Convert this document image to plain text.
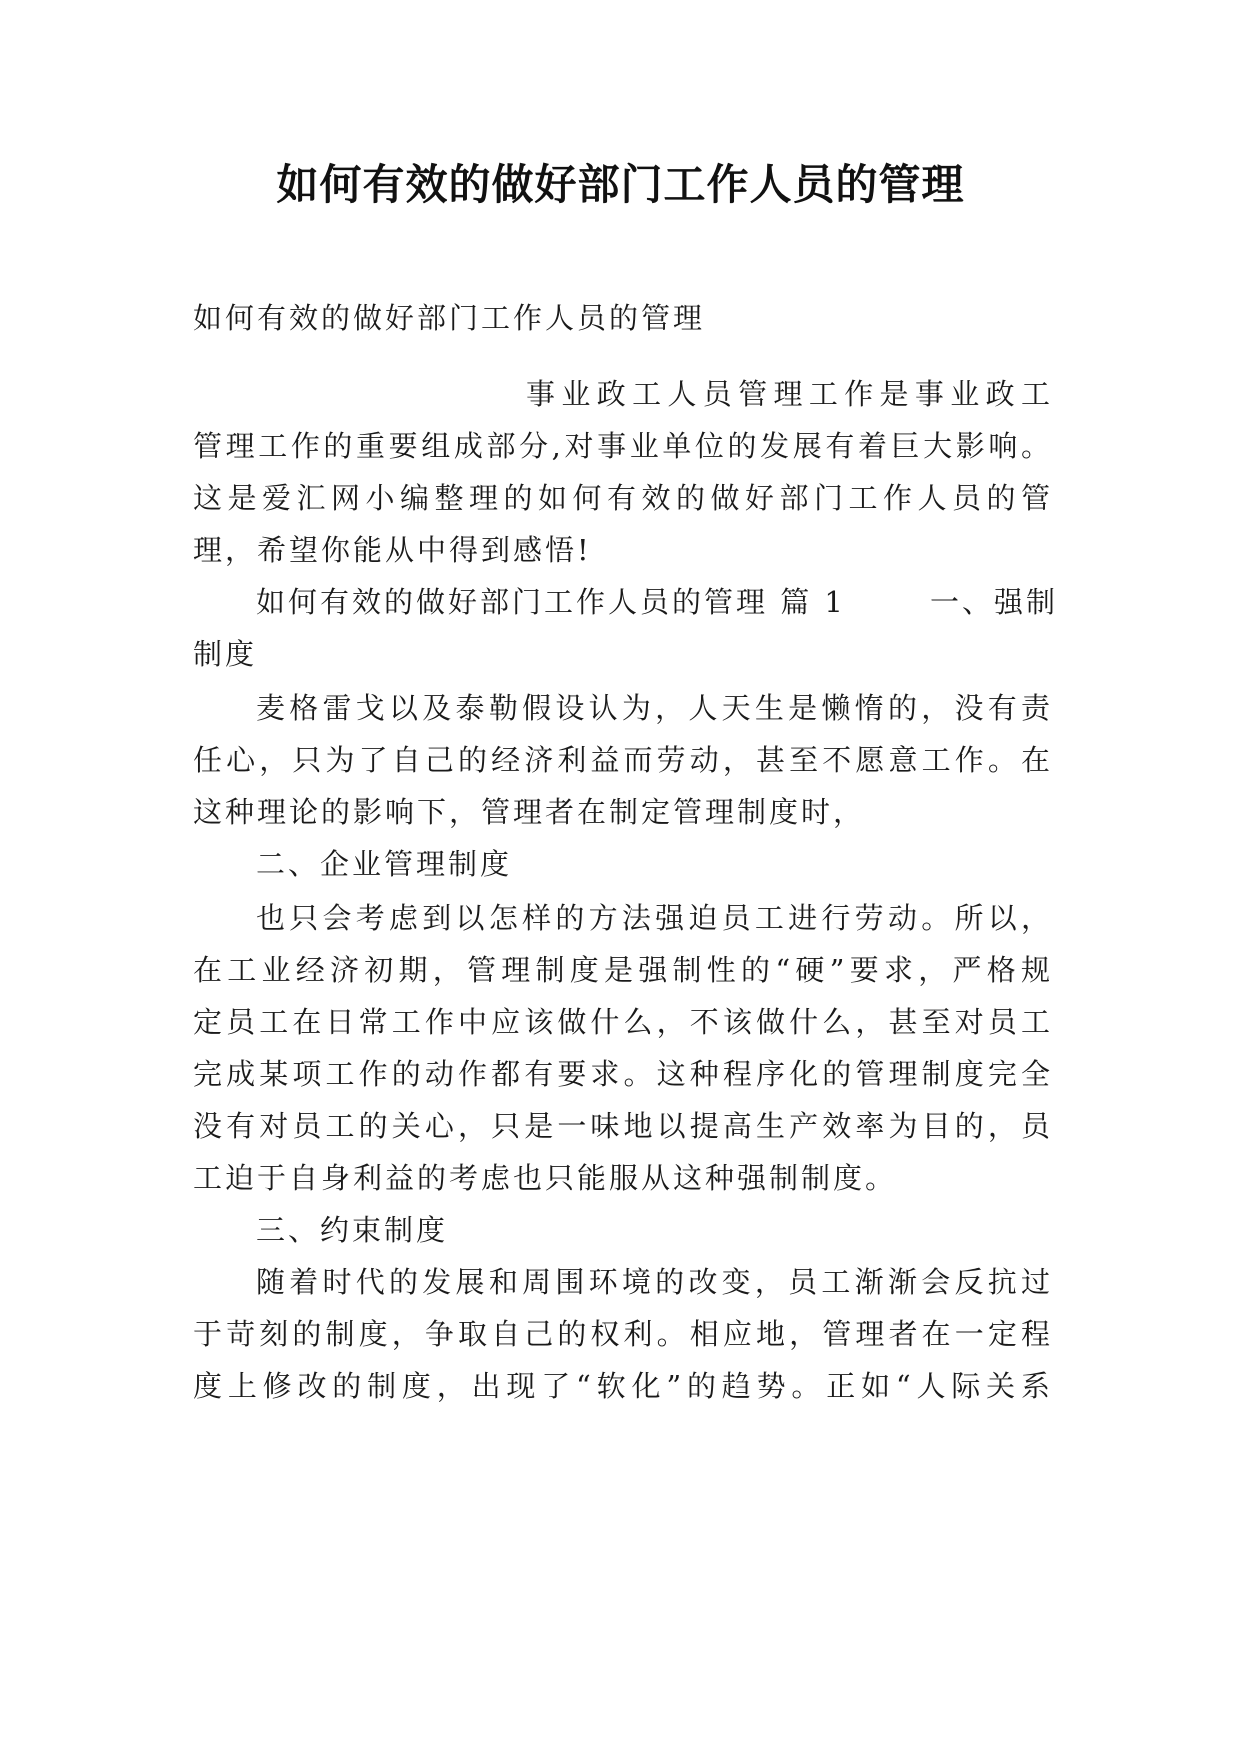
如何有效的做好部门工作人员的管理
如何有效的做好部门工作人员的管理
事业政工人员管理工作是事业政工
管理工作的重要组成部分,对事业单位的发展有着巨大影响。
这是爱汇网小编整理的如何有效的做好部门工作人员的管
理，希望你能从中得到感悟!
如何有效的做好部门工作人员的管理 篇 1	一、强制
制度
麦格雷戈以及泰勒假设认为，人天生是懒惰的，没有责
任心，只为了自己的经济利益而劳动，甚至不愿意工作。在
这种理论的影响下，管理者在制定管理制度时，
二、企业管理制度
也只会考虑到以怎样的方法强迫员工进行劳动。所以，
在工业经济初期，管理制度是强制性的“硬”要求，严格规
定员工在日常工作中应该做什么，不该做什么，甚至对员工
完成某项工作的动作都有要求。这种程序化的管理制度完全
没有对员工的关心，只是一味地以提高生产效率为目的，员
工迫于自身利益的考虑也只能服从这种强制制度。
三、约束制度
随着时代的发展和周围环境的改变，员工渐渐会反抗过
于苛刻的制度，争取自己的权利。相应地，管理者在一定程
度上修改的制度，出现了“软化”的趋势。正如“人际关系
